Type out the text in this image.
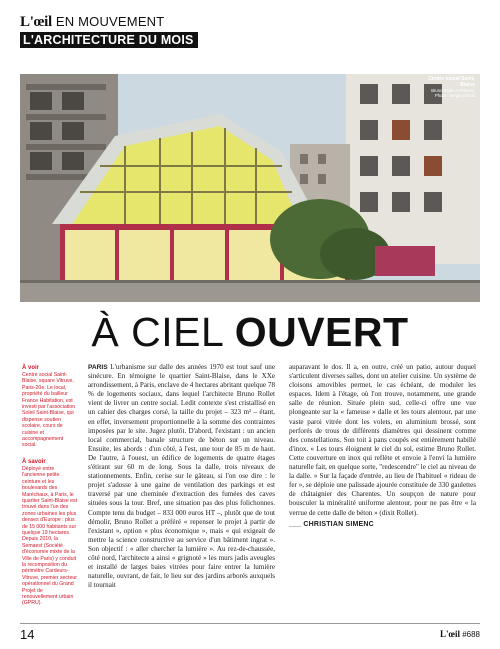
L'œil EN MOUVEMENT
L'ARCHITECTURE DU MOIS
Centre social Saint-Blaise
Bruno Rollet Architecte. Photo : Sergio Grazia
À CIEL OUVERT
À voir
Centre social Saint-Blaise, square Vitruve, Paris-20e. Le local, propriété du bailleur France Habitation, est investi par l'association Soleil Saint-Blaise, qui dispense soutien scolaire, cours de cuisine et accompagnement social.
À savoir
Déployé entre l'ancienne petite ceinture et les boulevards des Maréchaux, à Paris, le quartier Saint-Blaise est trouvé dans l'un des zones urbaines les plus denses d'Europe : plus de 15 000 habitants sur quelque 19 hectares. Depuis 2010, la Semaest (Société d'économie mixte de la Ville de Paris) y conduit la recomposition du périmètre Cardeurs-Vitruve, premier secteur opérationnel du Grand Projet de renouvellement urbain (GPRU).

PARIS L'urbanisme sur dalle des années 1970 est tout sauf une sinécure. En témoigne le quartier Saint-Blaise, dans le XXe arrondissement, à Paris, enclave de 4 hectares abritant quelque 78 % de logements sociaux, dans lequel l'architecte Bruno Rollet vient de livrer un centre social. Ledit contexte s'est cristallisé en un cahier des charges corsé, la taille du projet – 323 m² – étant, en effet, inversement proportionnelle à la somme des contraintes imposées par le site. Jugez plutôt. D'abord, l'existant : un ancien local commercial, banale structure de béton sur un niveau. Ensuite, les abords : d'un côté, à l'est, une tour de 85 m de haut. De l'autre, à l'ouest, un édifice de logements de quatre étages s'étirant sur 60 m de long. Sous la dalle, trois niveaux de stationnements. Enfin, cerise sur le gâteau, si l'on ose dire : le projet s'adosse à une gaine de ventilation des parkings et est traversé par une cheminée d'extraction des fumées des caves situées sous la tour. Bref, une situation pas des plus folichonnes. Compte tenu du budget – 833 000 euros HT –, plutôt que de tout démolir, Bruno Rollet a préféré « repenser le projet à partir de l'existant », option « plus économique », mais « qui exigeait de mettre la science constructive au service d'un bâtiment ingrat ». Son objectif : « aller chercher la lumière ». Au rez-de-chaussée, côté nord, l'architecte a ainsi « grignoté » les murs jadis aveugles et installé de larges baies vitrées pour faire entrer la lumière naturelle, ouvrant, de fait, le lieu sur des jardins arborés auxquels il tournait

auparavant le dos. Il a, en outre, créé un patio, autour duquel s'articulent diverses salles, dont un atelier cuisine. Un système de cloisons amovibles permet, le cas échéant, de moduler les espaces. Idem à l'étage, où l'on trouve, notamment, une grande salle de réunion. Située plein sud, celle-ci offre une vue plongeante sur la « fameuse » dalle et les tours alentour, par une vaste paroi vitrée dont les volets, en aluminium brossé, sont perforés de trous de différents diamètres qui dessinent comme des constellations. Son toit à pans coupés est entièrement habillé d'inox. « Les tours éloignent le ciel du sol, estime Bruno Rollet. Cette couverture en inox qui reflète et envoie à l'envi la lumière naturelle fait, en quelque sorte, "redescendre" le ciel au niveau de la dalle. » Sur la façade d'entrée, au lieu de l'habituel « rideau de fer », se déploie une palissade ajourée constituée de 330 gaulettes de châtaignier des Charentes. Un soupçon de nature pour bousculer la minéralité uniforme alentour, pour ne pas être « la verrue de cette dalle de béton » (dixit Rollet).

___ CHRISTIAN SIMENC
14	L'œil #688
